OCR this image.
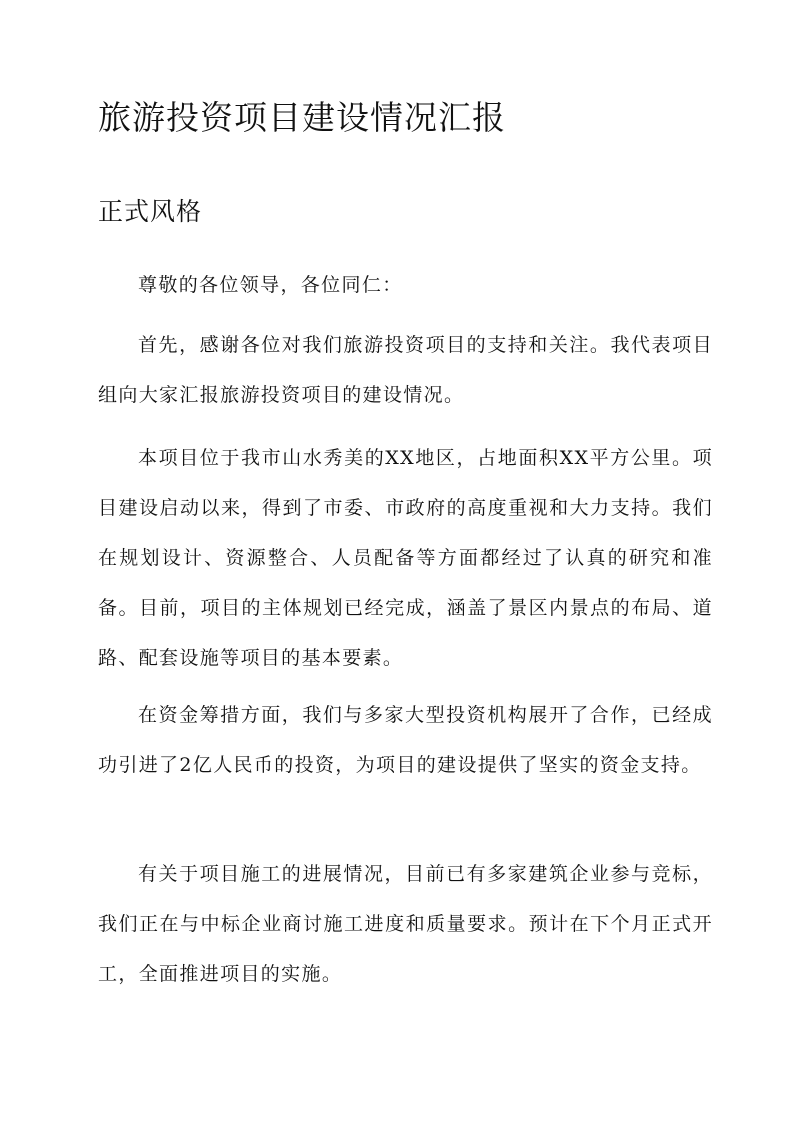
旅游投资项目建设情况汇报
正式风格

尊敬的各位领导，各位同仁：

首先，感谢各位对我们旅游投资项目的支持和关注。我代表项目组向大家汇报旅游投资项目的建设情况。

本项目位于我市山水秀美的XX地区，占地面积XX平方公里。项目建设启动以来，得到了市委、市政府的高度重视和大力支持。我们在规划设计、资源整合、人员配备等方面都经过了认真的研究和准备。目前，项目的主体规划已经完成，涵盖了景区内景点的布局、道路、配套设施等项目的基本要素。

在资金筹措方面，我们与多家大型投资机构展开了合作，已经成功引进了2亿人民币的投资，为项目的建设提供了坚实的资金支持。

有关于项目施工的进展情况，目前已有多家建筑企业参与竞标，我们正在与中标企业商讨施工进度和质量要求。预计在下个月正式开工，全面推进项目的实施。
